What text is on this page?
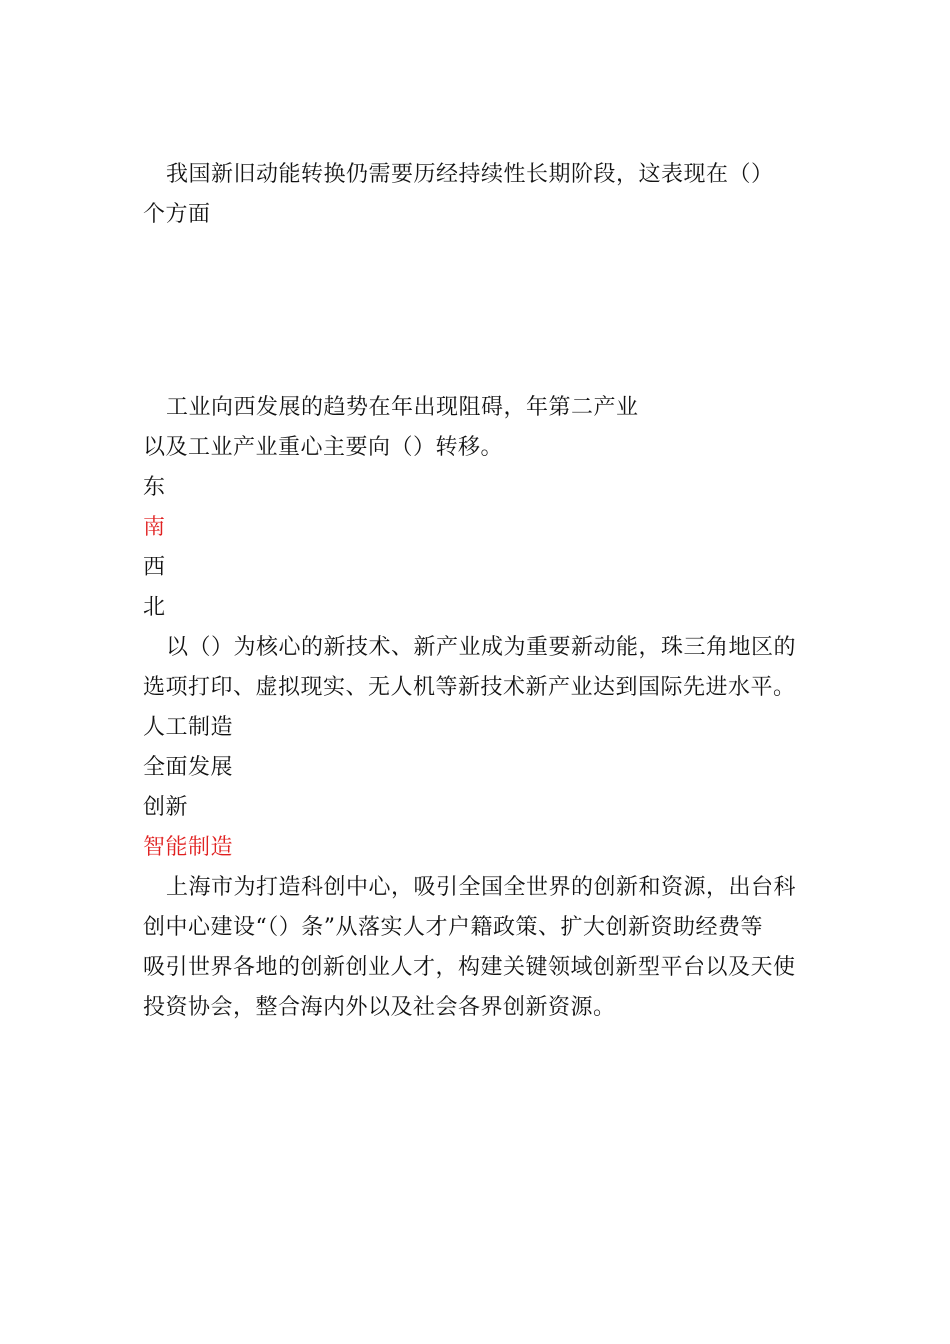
我国新旧动能转换仍需要历经持续性长期阶段，这表现在（）
个方面
工业向西发展的趋势在年出现阻碍，年第二产业
以及工业产业重心主要向（）转移。
东
南
西
北
以（）为核心的新技术、新产业成为重要新动能，珠三角地区的
选项打印、虚拟现实、无人机等新技术新产业达到国际先进水平。
人工制造
全面发展
创新
智能制造
上海市为打造科创中心，吸引全国全世界的创新和资源，出台科
创中心建设“（）条”从落实人才户籍政策、扩大创新资助经费等
吸引世界各地的创新创业人才，构建关键领域创新型平台以及天使
投资协会，整合海内外以及社会各界创新资源。
